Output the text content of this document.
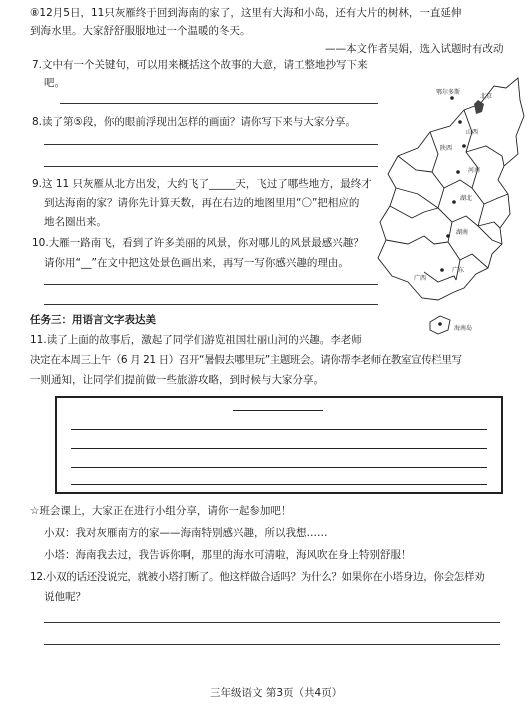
⑧12月5日，11只灰雁终于回到海南的家了，这里有大海和小岛，还有大片的树林，一直延伸
到海水里。大家舒舒服服地过一个温暖的冬天。
——本文作者吴娟，选入试题时有改动
7.文中有一个关键句，可以用来概括这个故事的大意，请工整地抄写下来
吧。
8.读了第⑤段，你的眼前浮现出怎样的画面？请你写下来与大家分享。
9.这 11 只灰雁从北方出发，大约飞了_____天，飞过了哪些地方，最终才
到达海南的家？请你先计算天数，再在右边的地图里用“〇”把相应的
地名圈出来。
10.大雁一路南飞，看到了许多美丽的风景，你对哪儿的风景最感兴趣？
请你用“__”在文中把这处景色画出来，再写一写你感兴趣的理由。
鄂尔多斯
北京
陕西
山西
河南
湖北
湖南
广东
广西
海南岛
任务三：用语言文字表达美
11.读了上面的故事后，激起了同学们游览祖国壮丽山河的兴趣。李老师
决定在本周三上午（6 月 21 日）召开“暑假去哪里玩”主题班会。请你帮李老师在教室宣传栏里写
一则通知，让同学们提前做一些旅游攻略，到时候与大家分享。
☆班会课上，大家正在进行小组分享，请你一起参加吧！
小双：我对灰雁南方的家——海南特别感兴趣，所以我想……
小塔：海南我去过，我告诉你啊，那里的海水可清啦，海风吹在身上特别舒服！
12.小双的话还没说完，就被小塔打断了。他这样做合适吗？为什么？如果你在小塔身边，你会怎样劝
说他呢？
三年级语文 第3页（共4页）
